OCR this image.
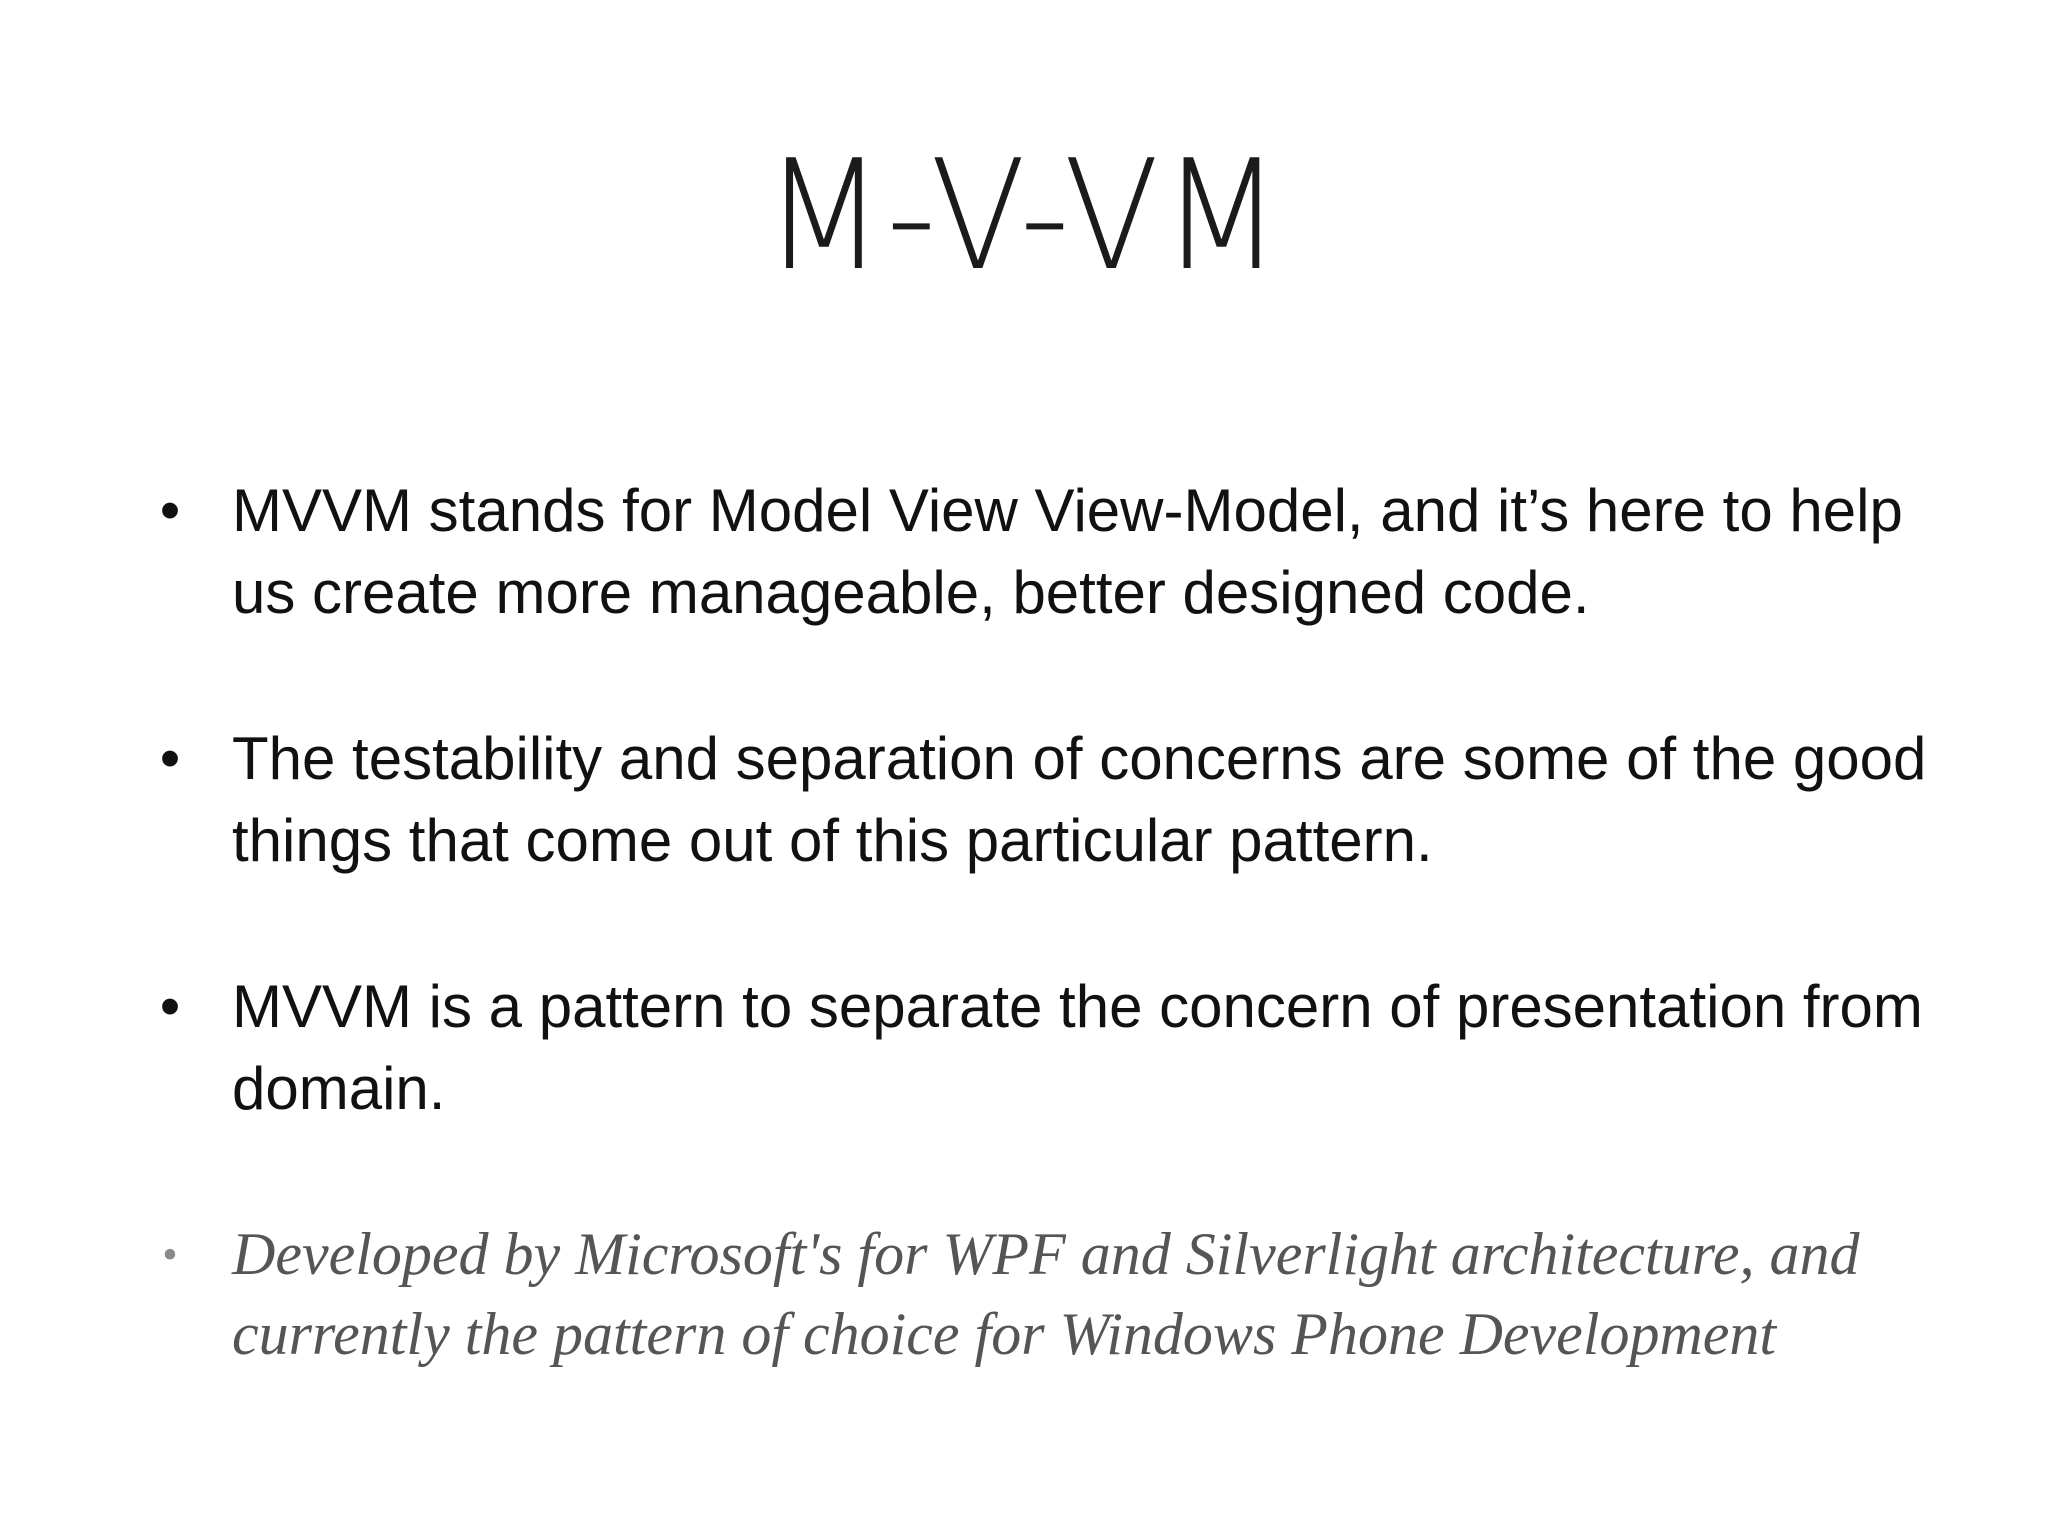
M-V-VM
• MVVM stands for Model View View-Model, and it’s here to help us create more manageable, better designed code.
• The testability and separation of concerns are some of the good things that come out of this particular pattern.
• MVVM is a pattern to separate the concern of presentation from domain.
• Developed by Microsoft's for WPF and Silverlight architecture, and currently the pattern of choice for Windows Phone Development
